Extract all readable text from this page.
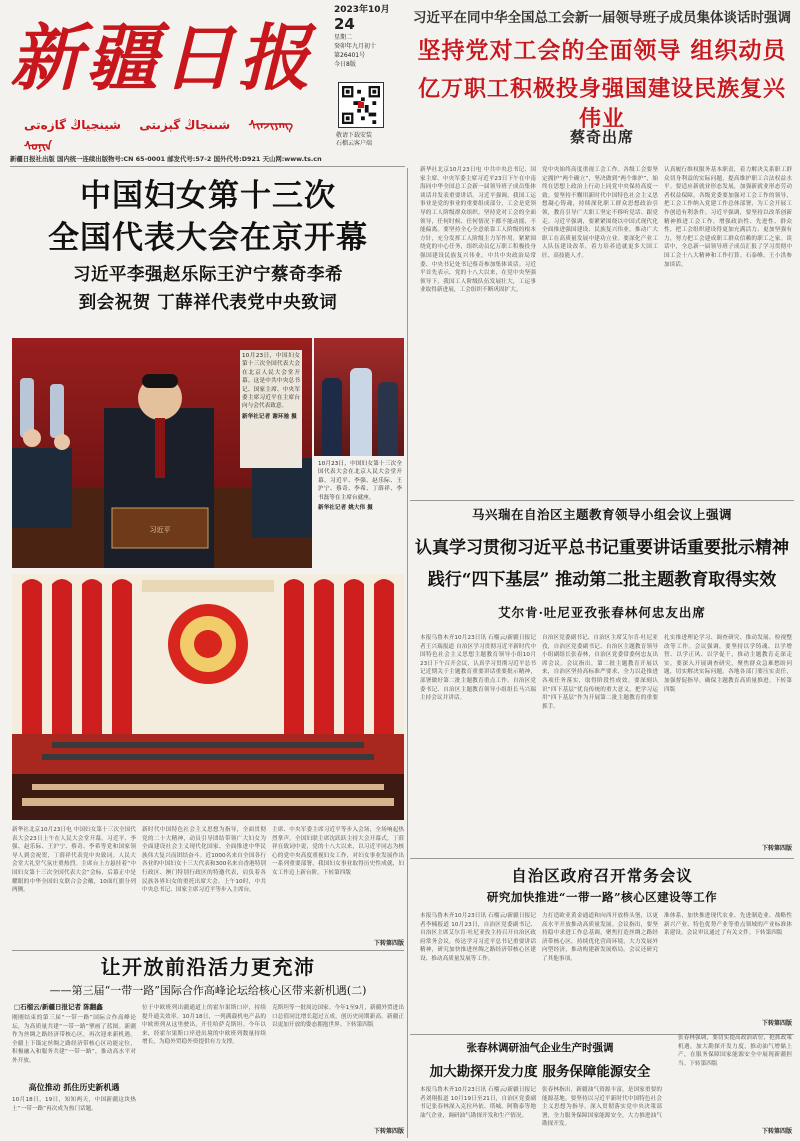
新疆日报
شىنجاڭ گېزىتى  شينجياڭ گازەتى	ᠰᠢᠨᠵᠢᠶᠠᠩ ᠰᠣᠨᠢᠨ
2023年10月
24
星期二
癸卯年九月初十
第26401号
今日8版
敬请下载安装
石榴云客户端
新疆日报社出版 国内统一连续出版物号:CN 65-0001 邮发代号:57-2 国外代号:D921 天山网:www.ts.cn
习近平在同中华全国总工会新一届领导班子成员集体谈话时强调
坚持党对工会的全面领导 组织动员
亿万职工积极投身强国建设民族复兴伟业
蔡奇出席
新华社北京10月23日电 中共中央总书记、国家主席、中央军委主席习近平23日下午在中南海同中华全国总工会新一届领导班子成员集体谈话并发表重要讲话。习近平强调，我国工运事业是党的事业的重要组成部分，工会是党领导的工人阶级群众组织。坚持党对工会的全面领导，任何时候、任何情况下都不能动摇，不能偏离。要坚持全心全意依靠工人阶级的根本方针，充分发挥工人阶级主力军作用，紧紧围绕党的中心任务，组织动员亿万职工积极投身强国建设民族复兴伟业。中共中央政治局常委、中央书记处书记蔡奇参加集体谈话。习近平首先表示，党的十八大以来，在党中央坚强领导下，我国工人阶级队伍发展壮大，工运事业取得新进展，工会组织不断巩固扩大。
党中央始终高度重视工会工作。各级工会要坚定拥护“两个确立”，坚决做到“两个维护”，始终在思想上政治上行动上同党中央保持高度一致。要坚持不懈用新时代中国特色社会主义思想凝心铸魂，持续深化职工群众思想政治引领，教育引导广大职工坚定不移听党话、跟党走。习近平强调，要紧紧围绕以中国式现代化全面推进强国建设、民族复兴伟业，推动广大职工在高质量发展中建功立业。要深化产业工人队伍建设改革，着力培养造就更多大国工匠、高技能人才。
认真履行维权服务基本职责，着力解决关系职工群众切身利益的实际问题，提高维护职工合法权益水平。要适应新就业形态发展，加强新就业形态劳动者权益保障。各级党委要加强对工会工作的领导，把工会工作纳入党建工作总体部署，为工会开展工作创造有利条件。习近平强调，要坚持以改革创新精神推进工会工作，增强政治性、先进性、群众性，把工会组织建设得更加充满活力、更加坚强有力，努力把工会建成职工群众信赖的职工之家。谈话中，全总新一届领导班子成员汇报了学习贯彻中国工会十八大精神和工作打算。石泰峰、王小洪参加谈话。
中国妇女第十三次
全国代表大会在京开幕
习近平李强赵乐际王沪宁蔡奇李希
到会祝贺 丁薛祥代表党中央致词
习近平
10月23日，中国妇女第十三次全国代表大会在北京人民大会堂开幕。这是中共中央总书记、国家主席、中央军委主席习近平在主席台向与会代表致意。
新华社记者 谢环驰 摄
10月23日，中国妇女第十三次全国代表大会在北京人民大会堂开幕。习近平、李强、赵乐际、王沪宁、蔡奇、李希、丁薛祥、李书磊等在主席台就座。
新华社记者 姚大伟 摄
新华社北京10月23日电 中国妇女第十三次全国代表大会23日上午在人民大会堂开幕。习近平、李强、赵乐际、王沪宁、蔡奇、李希等党和国家领导人到会祝贺，丁薛祥代表党中央致词。人民大会堂大礼堂气氛庄重热烈。主席台上方悬挂着“中国妇女第十三次全国代表大会”会标，后幕正中是耀眼的中华全国妇女联合会会徽，10面红旗分列两侧。
新时代中国特色社会主义思想为指导，全面贯彻党的二十大精神，动员引导团结带领广大妇女为全面建设社会主义现代化国家、全面推进中华民族伟大复兴而团结奋斗。近1000名来自全国各行各业的中国妇女十三大代表和300名来自香港特别行政区、澳门特别行政区的特邀代表，肩负着各民族各界妇女的重托出席大会。上午10时，中共中央总书记、国家主席习近平等步入主席台。
主席、中央军委主席习近平等步入会场，全场响起热烈掌声。全国妇联主席沈跃跃主持大会开幕式。丁薛祥在致词中说，党的十八大以来，以习近平同志为核心的党中央高度重视妇女工作，对妇女事业发展作出一系列重要部署，我国妇女事业取得历史性成就，妇女工作迈上新台阶。下转第四版
下转第四版
马兴瑞在自治区主题教育领导小组会议上强调
认真学习贯彻习近平总书记重要讲话重要批示精神
践行“四下基层” 推动第二批主题教育取得实效
艾尔肯·吐尼亚孜张春林何忠友出席
本报乌鲁木齐10月23日讯 石榴云/新疆日报记者王兴瑞报道 自治区学习贯彻习近平新时代中国特色社会主义思想主题教育领导小组10月23日下午召开会议，认真学习贯彻习近平总书记近期关于主题教育重要讲话重要批示精神，部署做好第二批主题教育重点工作。自治区党委书记、自治区主题教育领导小组组长马兴瑞主持会议并讲话。
自治区党委副书记、自治区主席艾尔肯·吐尼亚孜，自治区党委副书记、自治区主题教育领导小组副组长张春林，自治区党委常委何忠友出席会议。会议指出，第二批主题教育开展以来，自治区坚持高标准严要求，全力以赴推进各项任务落实，取得阶段性成效。要深刻认识“四下基层”优良传统的重大意义，把学习运用“四下基层”作为开展第二批主题教育的重要抓手。
扎实推进理论学习、调查研究、推动发展、检视整改等工作。会议强调，要坚持以学铸魂、以学增智、以学正风、以学促干，推动主题教育走深走实。要深入开展调查研究，聚焦群众急难愁盼问题，切实解决实际问题。各地各部门要压实责任，加强督促指导，确保主题教育高质量推进。下转第四版
下转第四版
自治区政府召开常务会议
研究加快推进“一带一路”核心区建设等工作
本报乌鲁木齐10月23日讯 石榴云/新疆日报记者李楠报道 10月23日，自治区党委副书记、自治区主席艾尔肯·吐尼亚孜主持召开自治区政府常务会议，传达学习习近平总书记重要讲话精神，研究加快推进丝绸之路经济带核心区建设、推动高质量发展等工作。
力打造欧亚黄金通道和向西开放桥头堡，以更高水平开放推动高质量发展。会议指出，要坚持稳中求进工作总基调，聚焦打造丝绸之路经济带核心区，持续优化营商环境，大力发展外向型经济，推动构建新发展格局。会议还研究了其他事项。
准体系，加快推进现代农业、先进制造业、战略性新兴产业、特色优势产业等重点领域的产业标准体系建设。会议审议通过了有关文件。下转第四版
下转第四版
让开放前沿活力更充沛
——第三届“一带一路”国际合作高峰论坛给核心区带来新机遇(二)
□石榴云/新疆日报记者 陈翻鑫
刚刚结束的第三届“一带一路”国际合作高峰论坛，为高质量共建“一带一路”擘画了蓝图。新疆作为丝绸之路经济带核心区，再次迎来新机遇。全疆上下锚定丝绸之路经济带核心区功能定位，积极融入和服务共建“一带一路”，推动高水平对外开放。
高位推动 抓住历史新机遇
10月18日，19日，知知两天，中国新疆这块热土“一带一路”再次成为热门话题。
位于中欧班列出疆通道上的霍尔果斯口岸，持续提升通关效率。10月18日，一列满载机电产品的中欧班列从这里驶出，开往哈萨克斯坦。今年以来，经霍尔果斯口岸进出境的中欧班列数量持续增长，为稳外贸稳外资提供有力支撑。
克斯坦等一批周边国家。今年1至9月，新疆外贸进出口总值同比增长超过五成，创历史同期新高。新疆正以更加开放的姿态拥抱世界。下转第四版
下转第四版
张春林调研油气企业生产时强调
加大勘探开发力度 服务保障能源安全
本报乌鲁木齐10月23日讯 石榴云/新疆日报记者刘翔报道 10月19日至21日，自治区党委副书记张春林深入克拉玛依、塔城、阿勒泰等地油气企业，调研油气勘探开发和生产情况。
张春林指出，新疆油气资源丰富，是国家重要的能源基地。要坚持以习近平新时代中国特色社会主义思想为指导，深入贯彻落实党中央决策部署，全力服务保障国家能源安全，大力推进油气勘探开发。
张春林强调，要切实提高政治站位，抢抓政策机遇，加大勘探开发力度，推动油气增储上产，在服务保障国家能源安全中展现新疆担当。下转第四版
下转第四版
